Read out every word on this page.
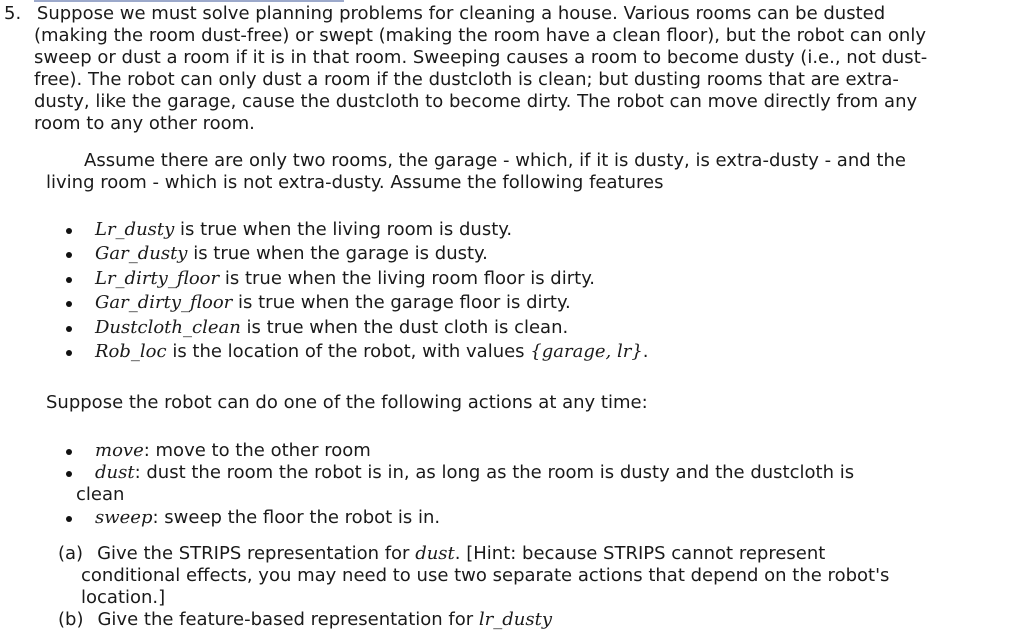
5. Suppose we must solve planning problems for cleaning a house. Various rooms can be dusted
(making the room dust-free) or swept (making the room have a clean floor), but the robot can only
sweep or dust a room if it is in that room. Sweeping causes a room to become dusty (i.e., not dust-
free). The robot can only dust a room if the dustcloth is clean; but dusting rooms that are extra-
dusty, like the garage, cause the dustcloth to become dirty. The robot can move directly from any
room to any other room.
Assume there are only two rooms, the garage - which, if it is dusty, is extra-dusty - and the
living room - which is not extra-dusty. Assume the following features
Lr_dusty is true when the living room is dusty.
Gar_dusty is true when the garage is dusty.
Lr_dirty_floor is true when the living room floor is dirty.
Gar_dirty_floor is true when the garage floor is dirty.
Dustcloth_clean is true when the dust cloth is clean.
Rob_loc is the location of the robot, with values {garage, lr}.
Suppose the robot can do one of the following actions at any time:
move: move to the other room
dust: dust the room the robot is in, as long as the room is dusty and the dustcloth is
clean
sweep: sweep the floor the robot is in.
(a) Give the STRIPS representation for dust. [Hint: because STRIPS cannot represent
conditional effects, you may need to use two separate actions that depend on the robot's
location.]
(b) Give the feature-based representation for lr_dusty
